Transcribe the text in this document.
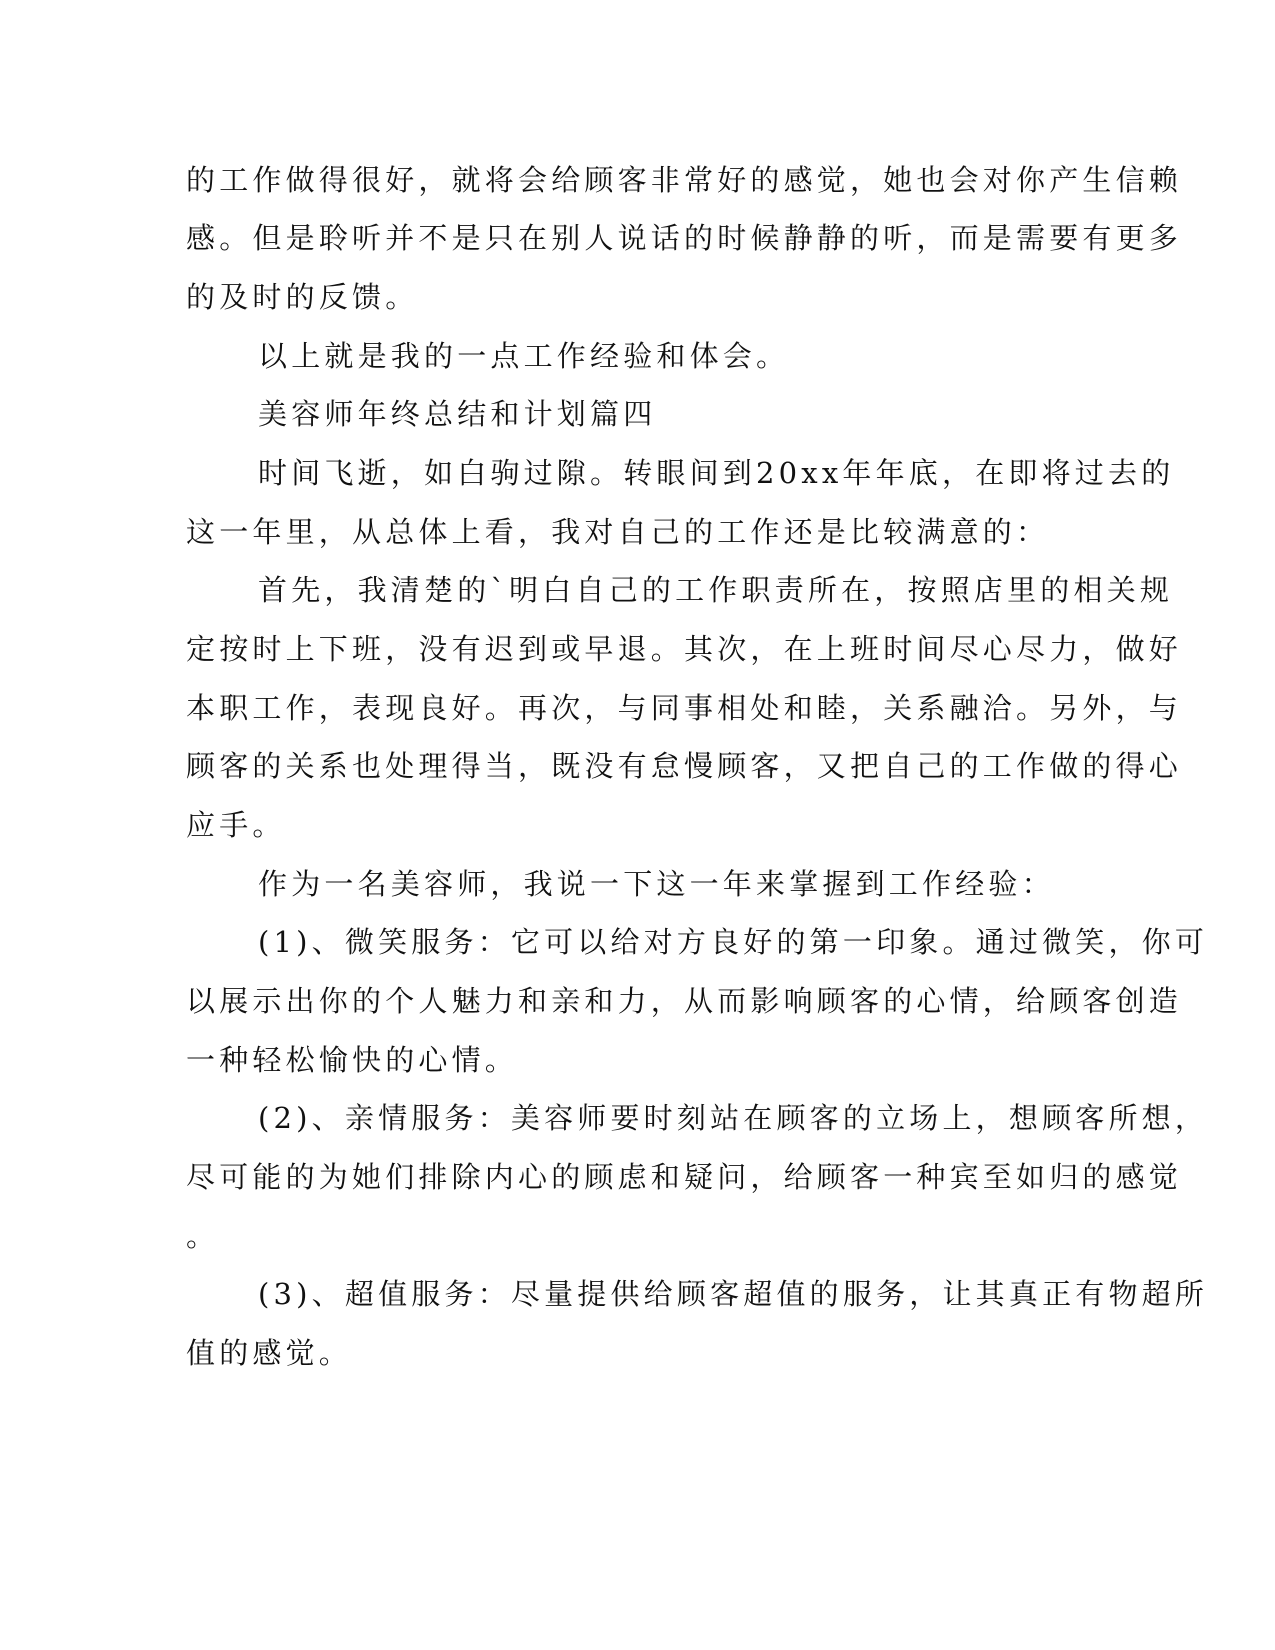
的工作做得很好，就将会给顾客非常好的感觉，她也会对你产生信赖
感。但是聆听并不是只在别人说话的时候静静的听，而是需要有更多
的及时的反馈。
以上就是我的一点工作经验和体会。
美容师年终总结和计划篇四
时间飞逝，如白驹过隙。转眼间到20xx年年底，在即将过去的
这一年里，从总体上看，我对自己的工作还是比较满意的：
首先，我清楚的`明白自己的工作职责所在，按照店里的相关规
定按时上下班，没有迟到或早退。其次，在上班时间尽心尽力，做好
本职工作，表现良好。再次，与同事相处和睦，关系融洽。另外，与
顾客的关系也处理得当，既没有怠慢顾客，又把自己的工作做的得心
应手。
作为一名美容师，我说一下这一年来掌握到工作经验：
(1)、微笑服务：它可以给对方良好的第一印象。通过微笑，你可
以展示出你的个人魅力和亲和力，从而影响顾客的心情，给顾客创造
一种轻松愉快的心情。
(2)、亲情服务：美容师要时刻站在顾客的立场上，想顾客所想，
尽可能的为她们排除内心的顾虑和疑问，给顾客一种宾至如归的感觉
。
(3)、超值服务：尽量提供给顾客超值的服务，让其真正有物超所
值的感觉。
